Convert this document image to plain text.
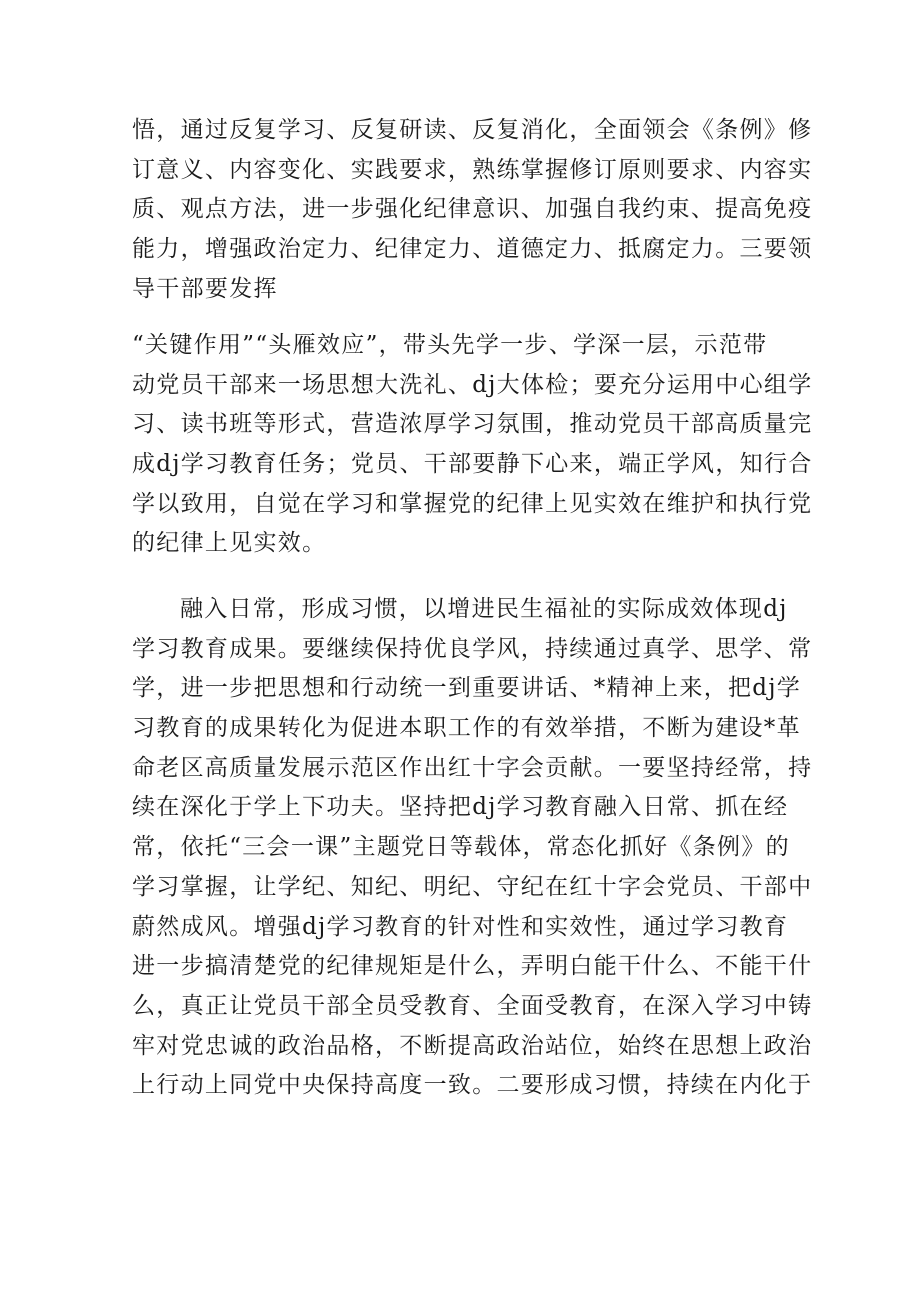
悟，通过反复学习、反复研读、反复消化，全面领会《条例》修
订意义、内容变化、实践要求，熟练掌握修订原则要求、内容实
质、观点方法，进一步强化纪律意识、加强自我约束、提高免疫
能力，增强政治定力、纪律定力、道德定力、抵腐定力。三要领
导干部要发挥
“关键作用”“头雁效应”，带头先学一步、学深一层，示范带
动党员干部来一场思想大洗礼、dj大体检；要充分运用中心组学
习、读书班等形式，营造浓厚学习氛围，推动党员干部高质量完
成dj学习教育任务；党员、干部要静下心来，端正学风，知行合
学以致用，自觉在学习和掌握党的纪律上见实效在维护和执行党
的纪律上见实效。
融入日常，形成习惯，以增进民生福祉的实际成效体现dj
学习教育成果。要继续保持优良学风，持续通过真学、思学、常
学，进一步把思想和行动统一到重要讲话、*精神上来，把dj学
习教育的成果转化为促进本职工作的有效举措，不断为建设*革
命老区高质量发展示范区作出红十字会贡献。一要坚持经常，持
续在深化于学上下功夫。坚持把dj学习教育融入日常、抓在经
常，依托“三会一课”主题党日等载体，常态化抓好《条例》的
学习掌握，让学纪、知纪、明纪、守纪在红十字会党员、干部中
蔚然成风。增强dj学习教育的针对性和实效性，通过学习教育
进一步搞清楚党的纪律规矩是什么，弄明白能干什么、不能干什
么，真正让党员干部全员受教育、全面受教育，在深入学习中铸
牢对党忠诚的政治品格，不断提高政治站位，始终在思想上政治
上行动上同党中央保持高度一致。二要形成习惯，持续在内化于
